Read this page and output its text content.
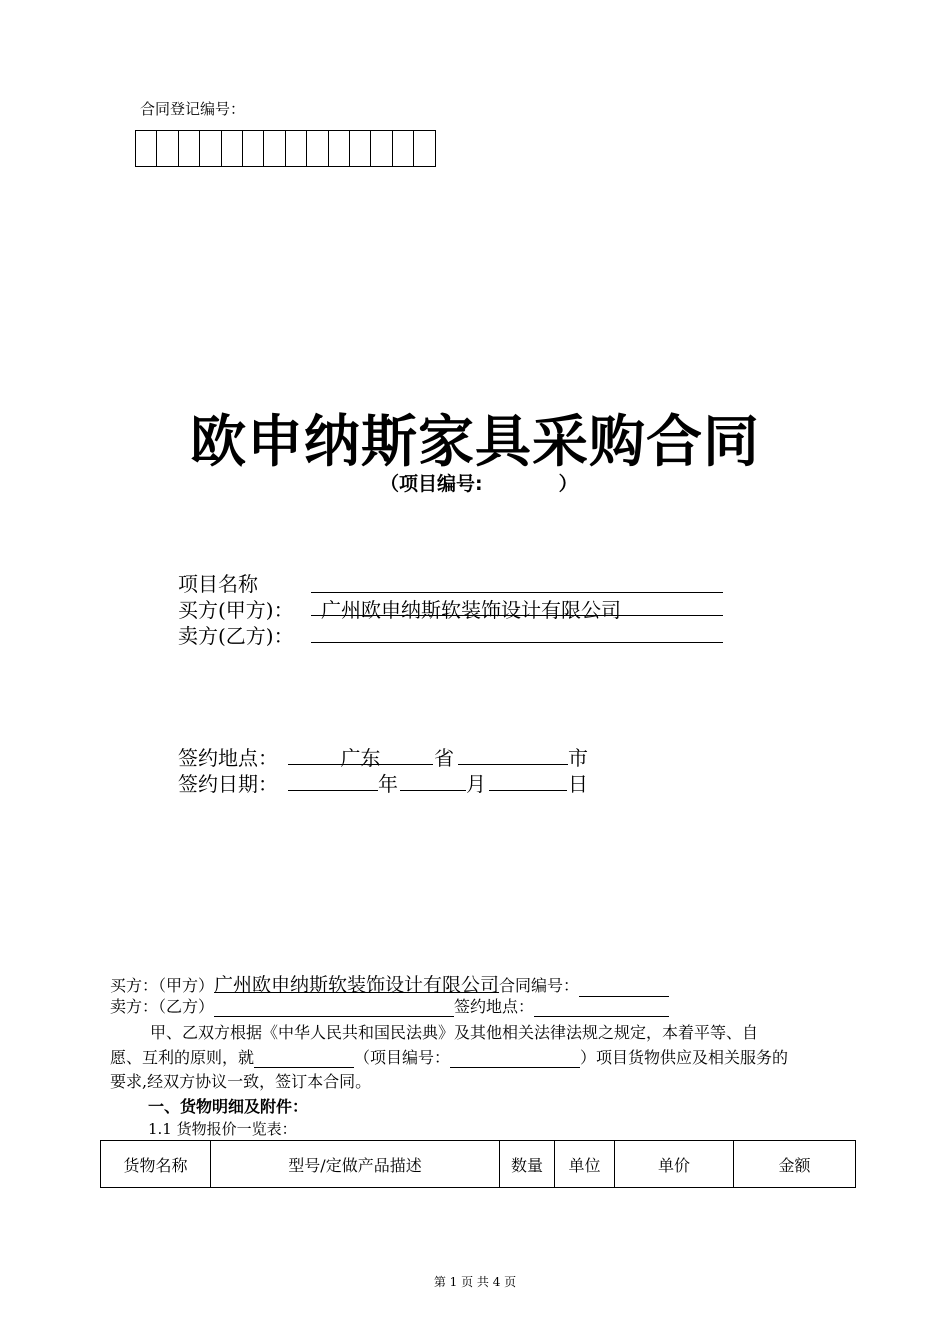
合同登记编号：
欧申纳斯家具采购合同
（项目编号:　　　　）
项目名称
买方(甲方)：	广州欧申纳斯软装饰设计有限公司
卖方(乙方)：
签约地点：	广东	省	市
签约日期：	年	月	日
买方：（甲方）广州欧申纳斯软装饰设计有限公司合同编号：
卖方：（乙方）	签约地点：
甲、乙双方根据《中华人民共和国民法典》及其他相关法律法规之规定，本着平等、自
愿、互利的原则，就	（项目编号：	）项目货物供应及相关服务的
要求,经双方协议一致，签订本合同。
一、货物明细及附件：
1.1 货物报价一览表：
货物名称	型号/定做产品描述	数量	单位	单价	金额
第 1 页 共 4 页
